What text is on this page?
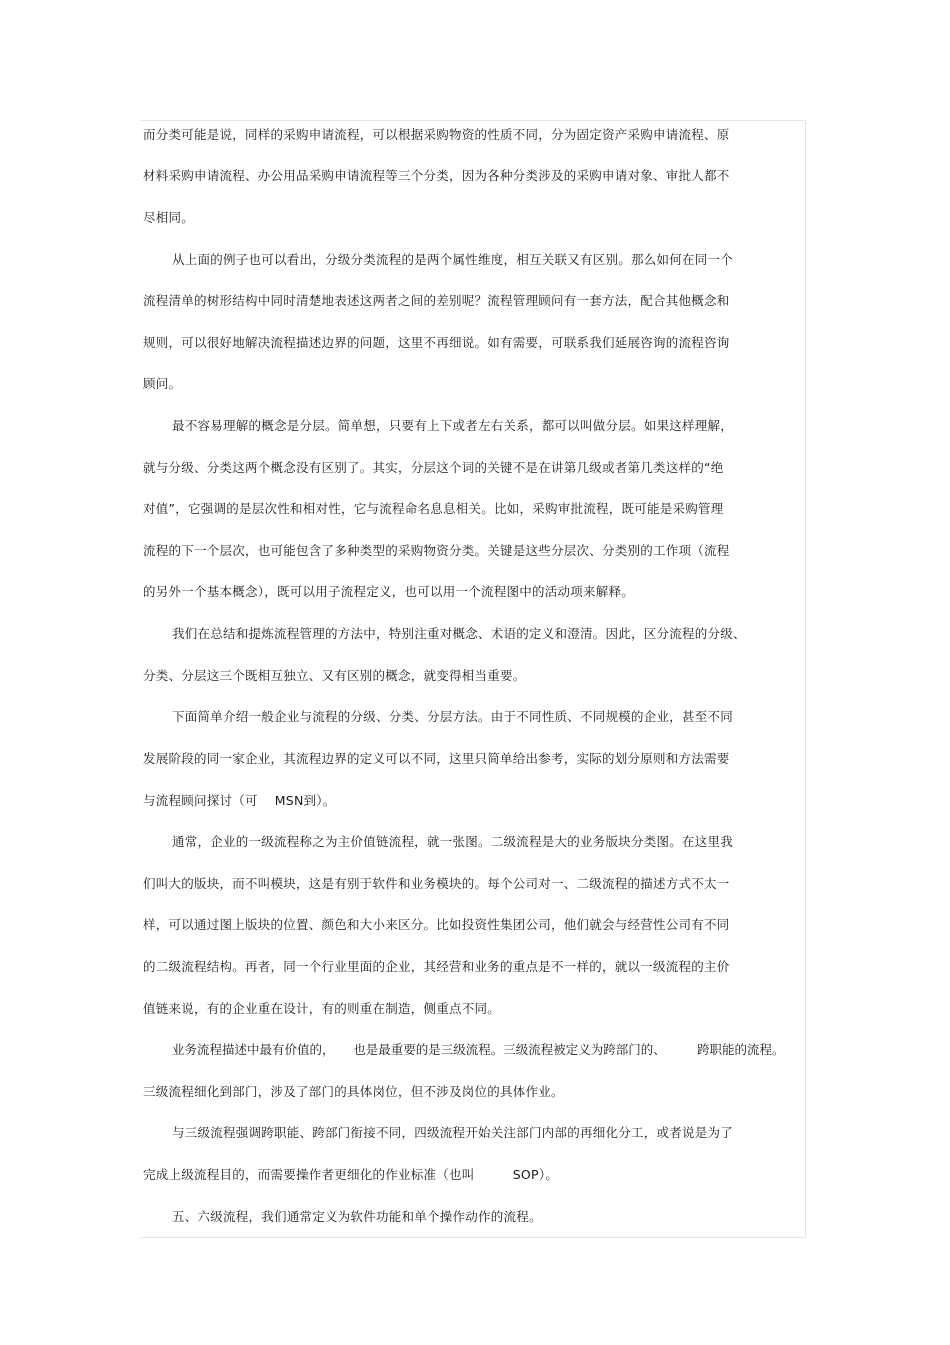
而分类可能是说，同样的采购申请流程，可以根据采购物资的性质不同，分为固定资产采购申请流程、原
材料采购申请流程、办公用品采购申请流程等三个分类，因为各种分类涉及的采购申请对象、审批人都不
尽相同。
从上面的例子也可以看出，分级分类流程的是两个属性维度，相互关联又有区别。那么如何在同一个
流程清单的树形结构中同时清楚地表述这两者之间的差别呢？流程管理顾问有一套方法，配合其他概念和
规则，可以很好地解决流程描述边界的问题，这里不再细说。如有需要，可联系我们延展咨询的流程咨询
顾问。
最不容易理解的概念是分层。简单想，只要有上下或者左右关系，都可以叫做分层。如果这样理解，
就与分级、分类这两个概念没有区别了。其实，分层这个词的关键不是在讲第几级或者第几类这样的“绝
对值”，它强调的是层次性和相对性，它与流程命名息息相关。比如，采购审批流程，既可能是采购管理
流程的下一个层次，也可能包含了多种类型的采购物资分类。关键是这些分层次、分类别的工作项（流程
的另外一个基本概念），既可以用子流程定义，也可以用一个流程图中的活动项来解释。
我们在总结和提炼流程管理的方法中，特别注重对概念、术语的定义和澄清。因此，区分流程的分级、
分类、分层这三个既相互独立、又有区别的概念，就变得相当重要。
下面简单介绍一般企业与流程的分级、分类、分层方法。由于不同性质、不同规模的企业，甚至不同
发展阶段的同一家企业，其流程边界的定义可以不同，这里只简单给出参考，实际的划分原则和方法需要
与流程顾问探讨（可　 MSN到）。
通常，企业的一级流程称之为主价值链流程，就一张图。二级流程是大的业务版块分类图。在这里我
们叫大的版块，而不叫模块，这是有别于软件和业务模块的。每个公司对一、二级流程的描述方式不太一
样，可以通过图上版块的位置、颜色和大小来区分。比如投资性集团公司，他们就会与经营性公司有不同
的二级流程结构。再者，同一个行业里面的企业，其经营和业务的重点是不一样的，就以一级流程的主价
值链来说，有的企业重在设计，有的则重在制造，侧重点不同。
业务流程描述中最有价值的，　　也是最重要的是三级流程。三级流程被定义为跨部门的、　　　跨职能的流程。
三级流程细化到部门，涉及了部门的具体岗位，但不涉及岗位的具体作业。
与三级流程强调跨职能、跨部门衔接不同，四级流程开始关注部门内部的再细化分工，或者说是为了
完成上级流程目的，而需要操作者更细化的作业标准（也叫　　　SOP）。
五、六级流程，我们通常定义为软件功能和单个操作动作的流程。
